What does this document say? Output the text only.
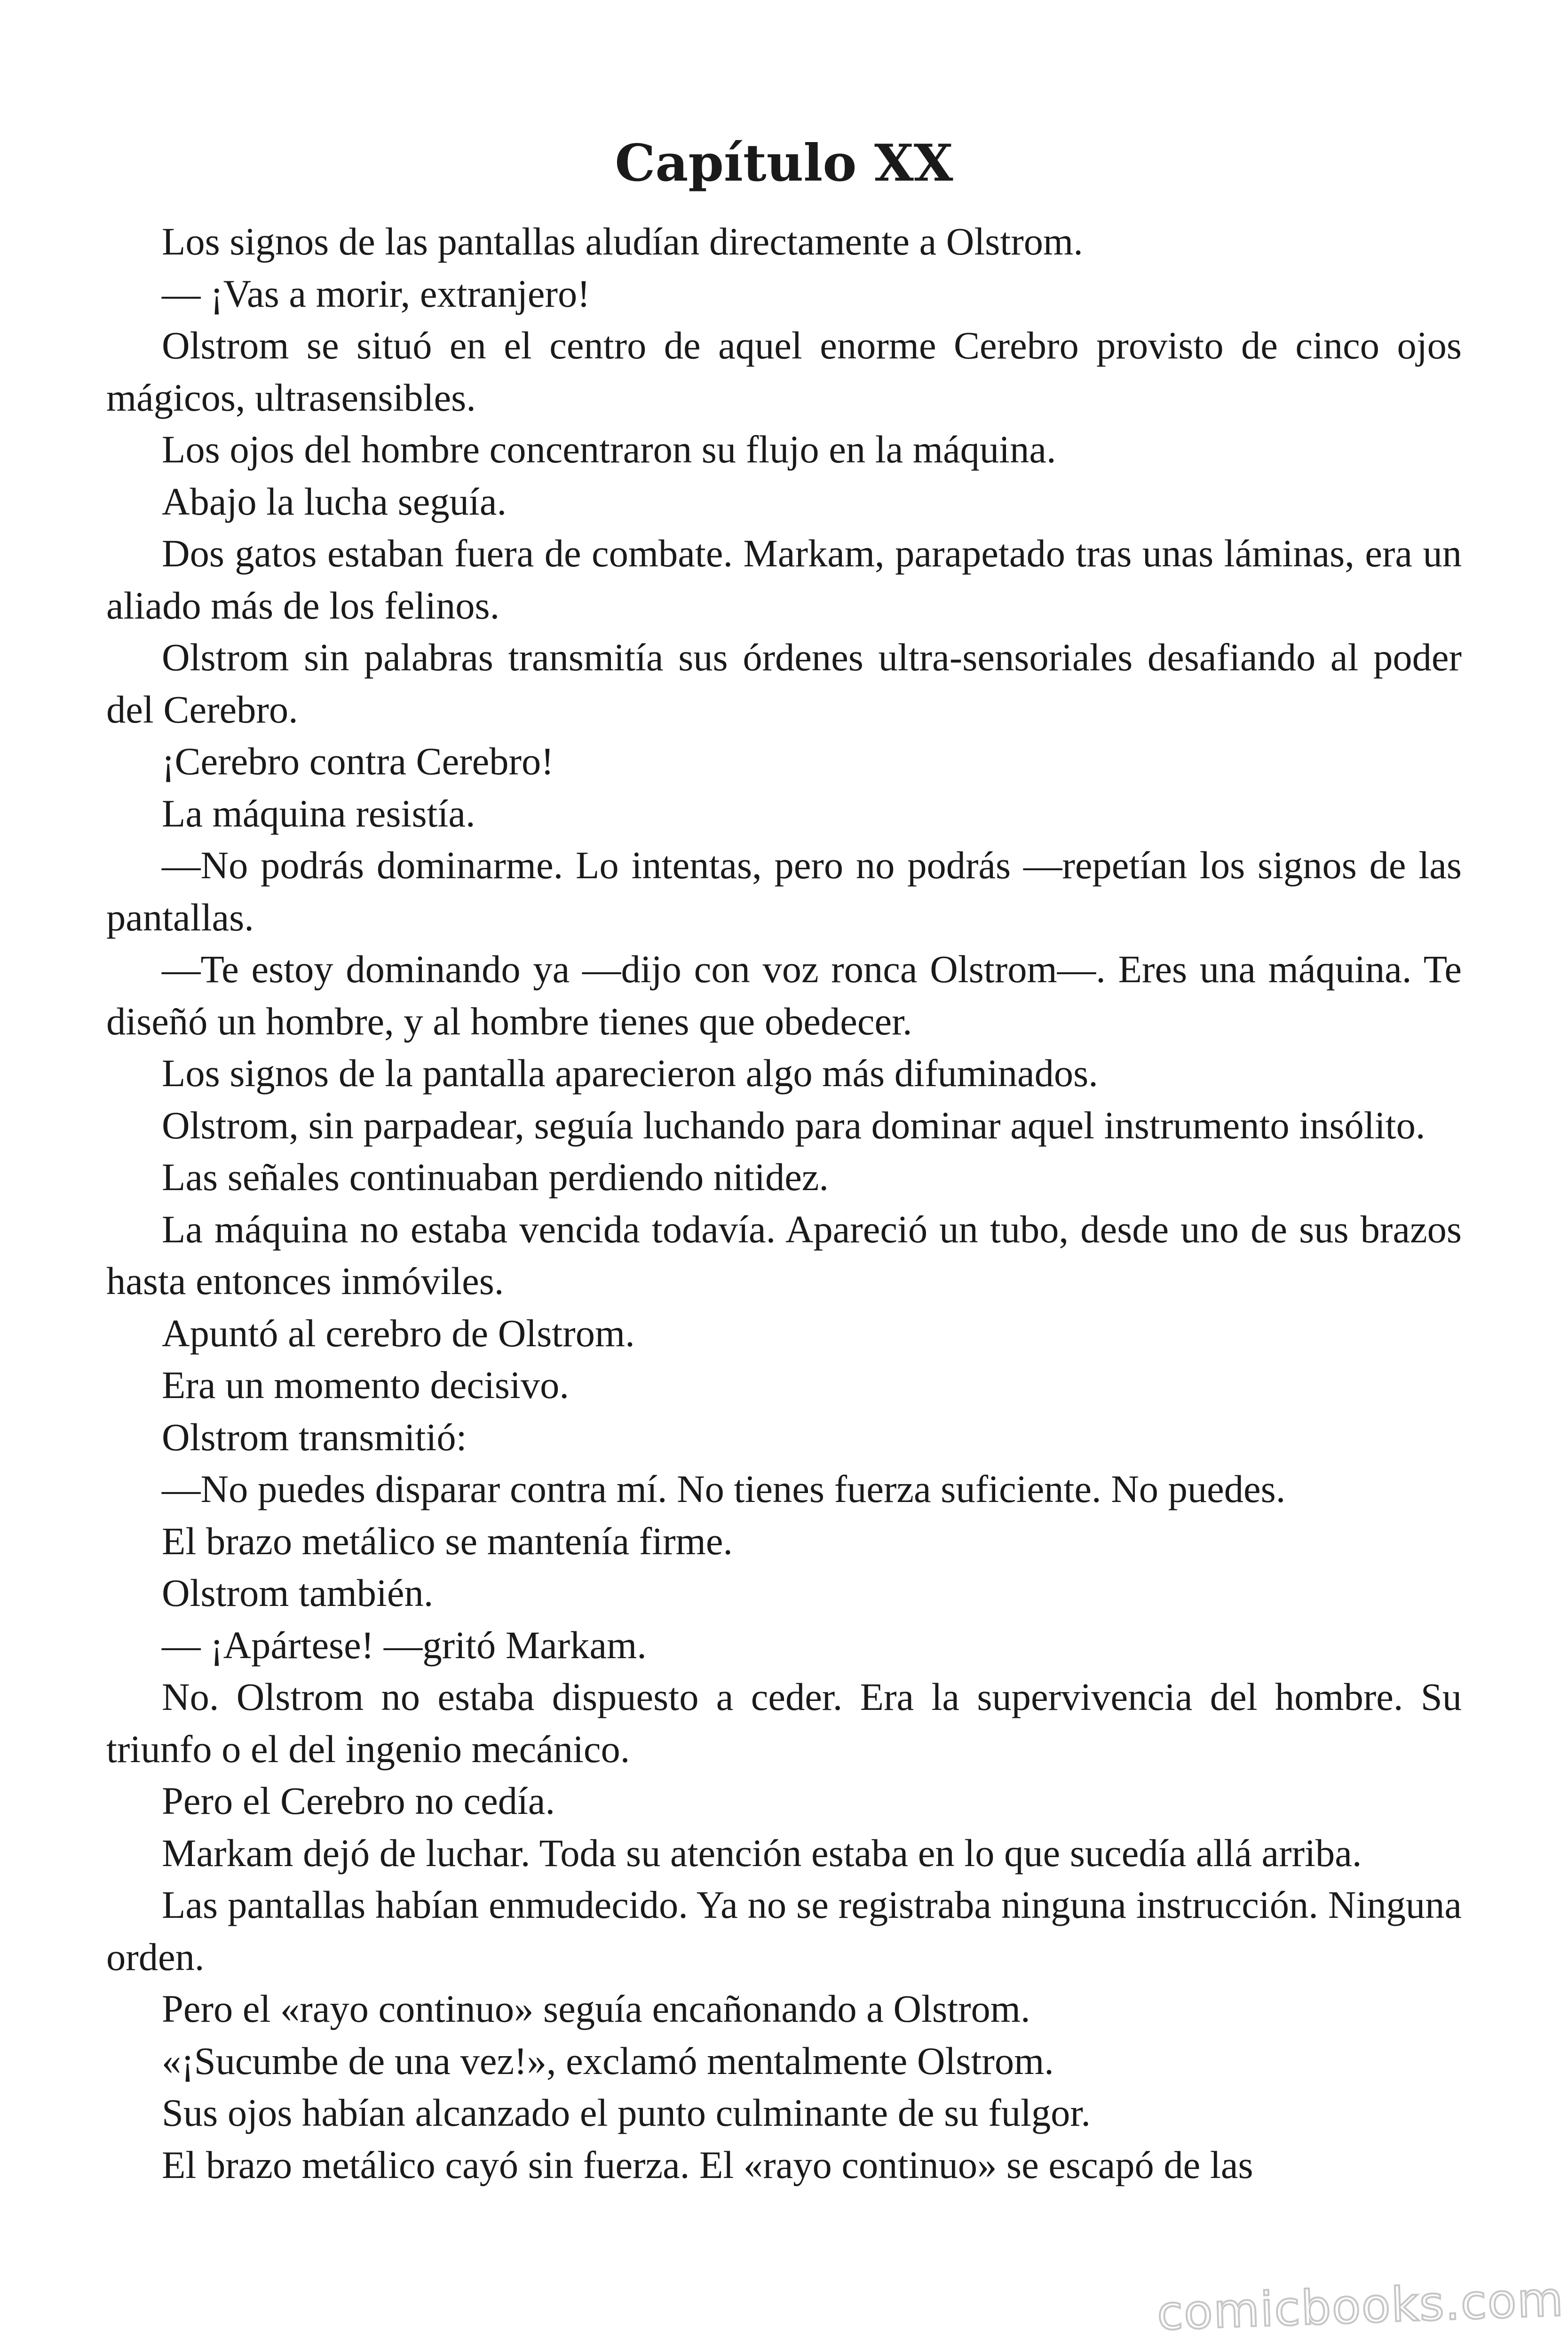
Capítulo XX

Los signos de las pantallas aludían directamente a Olstrom.

— ¡Vas a morir, extranjero!

Olstrom se situó en el centro de aquel enorme Cerebro provisto de cinco ojos mágicos, ultrasensibles.

Los ojos del hombre concentraron su flujo en la máquina.

Abajo la lucha seguía.

Dos gatos estaban fuera de combate. Markam, parapetado tras unas láminas, era un aliado más de los felinos.

Olstrom sin palabras transmitía sus órdenes ultra-sensoriales desafiando al poder del Cerebro.

¡Cerebro contra Cerebro!

La máquina resistía.

—No podrás dominarme. Lo intentas, pero no podrás —repetían los signos de las pantallas.

—Te estoy dominando ya —dijo con voz ronca Olstrom—. Eres una máquina. Te diseñó un hombre, y al hombre tienes que obedecer.

Los signos de la pantalla aparecieron algo más difuminados.

Olstrom, sin parpadear, seguía luchando para dominar aquel instrumento insólito.

Las señales continuaban perdiendo nitidez.

La máquina no estaba vencida todavía. Apareció un tubo, desde uno de sus brazos hasta entonces inmóviles.

Apuntó al cerebro de Olstrom.

Era un momento decisivo.

Olstrom transmitió:

—No puedes disparar contra mí. No tienes fuerza suficiente. No puedes.

El brazo metálico se mantenía firme.

Olstrom también.

— ¡Apártese! —gritó Markam.

No. Olstrom no estaba dispuesto a ceder. Era la supervivencia del hombre. Su triunfo o el del ingenio mecánico.

Pero el Cerebro no cedía.

Markam dejó de luchar. Toda su atención estaba en lo que sucedía allá arriba.

Las pantallas habían enmudecido. Ya no se registraba ninguna instrucción. Ninguna orden.

Pero el «rayo continuo» seguía encañonando a Olstrom.

«¡Sucumbe de una vez!», exclamó mentalmente Olstrom.

Sus ojos habían alcanzado el punto culminante de su fulgor.

El brazo metálico cayó sin fuerza. El «rayo continuo» se escapó de las

comicbooks.com
